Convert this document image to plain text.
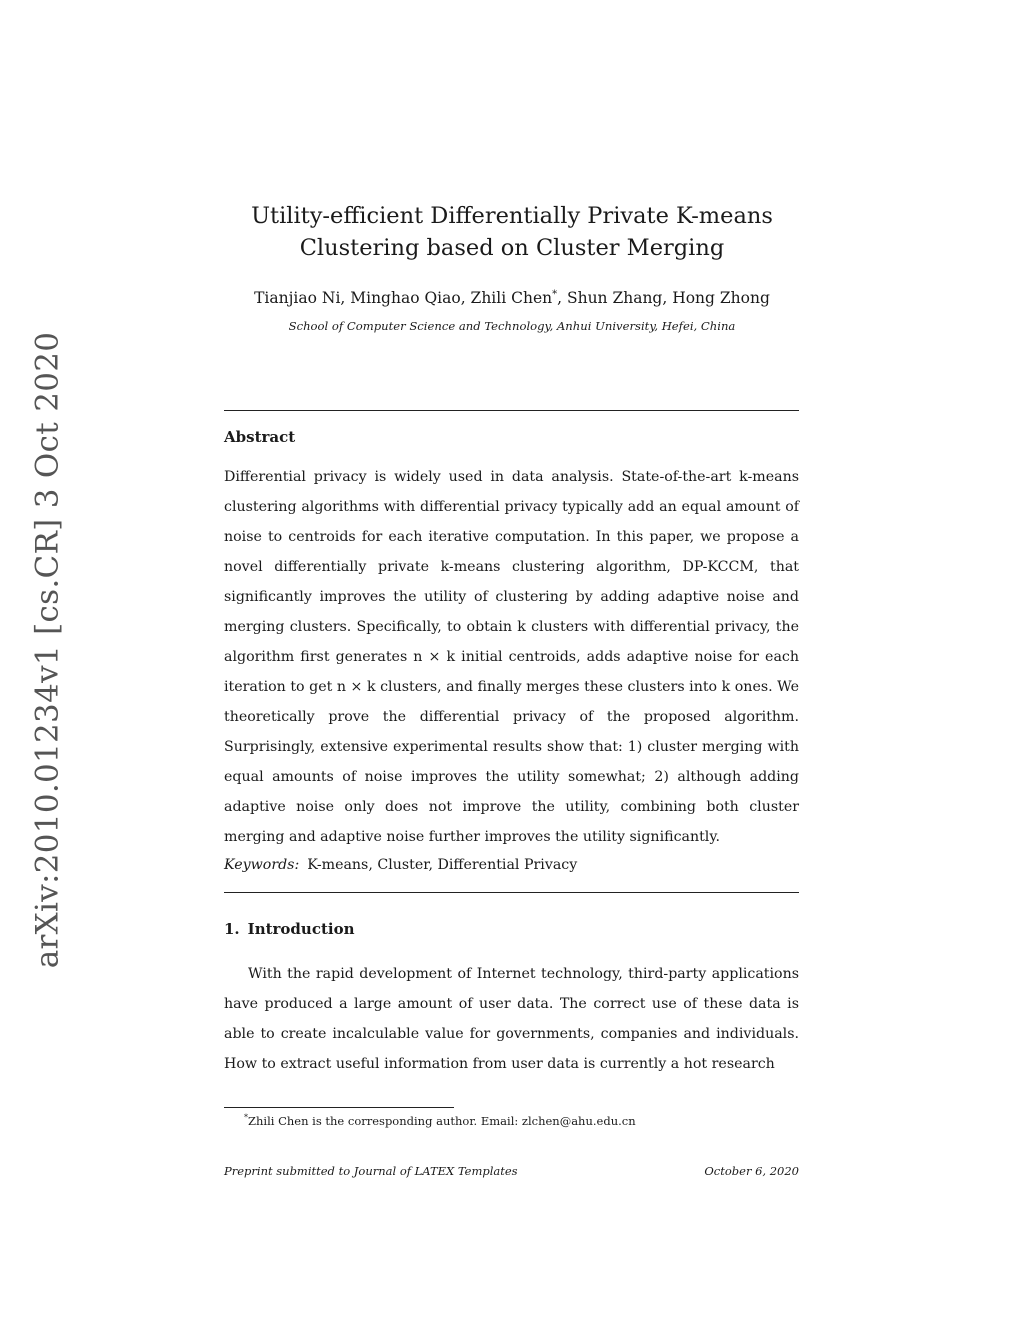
arXiv:2010.01234v1 [cs.CR] 3 Oct 2020
Utility-efficient Differentially Private K-means
Clustering based on Cluster Merging
Tianjiao Ni, Minghao Qiao, Zhili Chen*, Shun Zhang, Hong Zhong
School of Computer Science and Technology, Anhui University, Hefei, China
Abstract
Differential privacy is widely used in data analysis. State-of-the-art k-means clustering algorithms with differential privacy typically add an equal amount of noise to centroids for each iterative computation. In this paper, we propose a novel differentially private k-means clustering algorithm, DP-KCCM, that significantly improves the utility of clustering by adding adaptive noise and merging clusters. Specifically, to obtain k clusters with differential privacy, the algorithm first generates n × k initial centroids, adds adaptive noise for each iteration to get n × k clusters, and finally merges these clusters into k ones. We theoretically prove the differential privacy of the proposed algorithm. Surprisingly, extensive experimental results show that: 1) cluster merging with equal amounts of noise improves the utility somewhat; 2) although adding adaptive noise only does not improve the utility, combining both cluster merging and adaptive noise further improves the utility significantly.
Keywords: K-means, Cluster, Differential Privacy
1. Introduction
With the rapid development of Internet technology, third-party applications have produced a large amount of user data. The correct use of these data is able to create incalculable value for governments, companies and individuals. How to extract useful information from user data is currently a hot research
*Zhili Chen is the corresponding author. Email: zlchen@ahu.edu.cn
Preprint submitted to Journal of LATEX Templates	October 6, 2020
